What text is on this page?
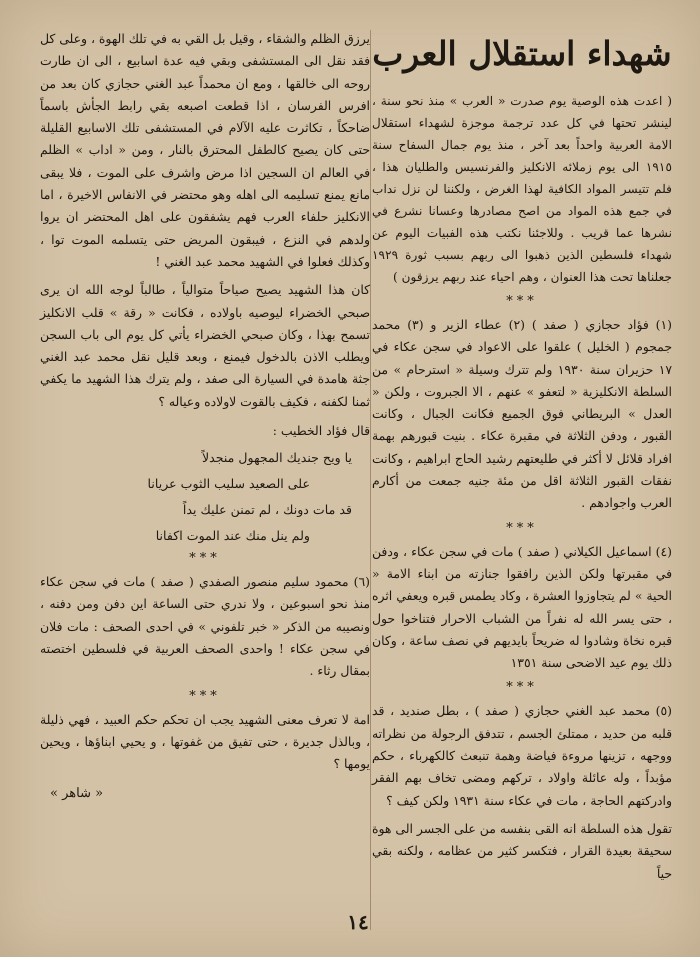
شهداء استقلال العرب

( اعدت هذه الوصية يوم صدرت « العرب » منذ نحو سنة ، لينشر تحتها في كل عدد ترجمة موجزة لشهداء استقلال الامة العربية واحداً بعد آخر ، منذ يوم جمال السفاح سنة ١٩١٥ الى يوم زملائه الانكليز والفرنسيس والطليان هذا ، فلم تتيسر المواد الكافية لهذا الغرض ، ولكننا لن نزل نداب في جمع هذه المواد من اصح مصادرها وعسانا نشرع في نشرها عما قريب . وللاجئنا نكتب هذه الفبيات اليوم عن شهداء فلسطين الذين ذهبوا الى ربهم بسبب ثورة ١٩٢٩ جعلناها تحت هذا العنوان ، وهم احياء عند ربهم يرزقون )

***

(١) فؤاد حجازي ( صفد ) (٢) عطاء الزير و (٣) محمد جمجوم ( الخليل ) علقوا على الاعواد في سجن عكاء في ١٧ حزيران سنة ١٩٣٠ ولم تترك وسيلة « استرحام » من السلطة الانكليزية « لتعفو » عنهم ، الا الجبروت ، ولكن « العدل » البريطاني فوق الجميع فكانت الجبال ، وكانت القبور ، ودفن الثلاثة في مقبرة عكاء . بنيت قبورهم بهمة افراد قلائل لا أكثر في طليعتهم رشيد الحاج ابراهيم ، وكانت نفقات القبور الثلاثة اقل من مئة جنيه جمعت من أكارم العرب واجوادهم .

***

(٤) اسماعيل الكيلاني ( صفد ) مات في سجن عكاء ، ودفن في مقبرتها ولكن الذين رافقوا جنازته من ابناء الامة « الحية » لم يتجاوزوا العشرة ، وكاد يطمس قبره ويعفي اثره ، حتى يسر الله له نفراً من الشباب الاحرار فتناخوا حول قبره نخاة وشادوا له ضريحاً بايديهم في نصف ساعة ، وكان ذلك يوم عيد الاضحى سنة ١٣٥١

***

(٥) محمد عبد الغني حجازي ( صفد ) ، بطل صنديد ، قد قلبه من حديد ، ممتلئ الجسم ، تتدفق الرجولة من نظراته ووجهه ، تزينها مروءة فياضة وهمة تنبعث كالكهرباء ، حكم مؤبداً ، وله عائلة واولاد ، تركهم ومضى تخاف بهم الفقر وادركتهم الحاجة ، مات في عكاء سنة ١٩٣١ ولكن كيف ؟

تقول هذه السلطة انه القى بنفسه من على الجسر الى هوة سحيقة بعيدة القرار ، فتكسر كثير من عظامه ، ولكنه بقي حياً

يرزق الظلم والشقاء ، وقيل بل القي به في تلك الهوة ، وعلى كل فقد نقل الى المستشفى وبقي فيه عدة اسابيع ، الى ان طارت روحه الى خالقها ، ومع ان محمداً عبد الغني حجازي كان بعد من افرس الفرسان ، اذا قطعت اصبعه بقي رابط الجأش باسماً ضاحكاً ، تكاثرت عليه الآلام في المستشفى تلك الاسابيع القليلة حتى كان يصيح كالطفل المحترق بالنار ، ومن « اداب » الظلم في العالم ان السجين اذا مرض واشرف على الموت ، فلا يبقى مانع يمنع تسليمه الى اهله وهو محتضر في الانفاس الاخيرة ، اما الانكليز حلفاء العرب فهم يشفقون على اهل المحتضر ان يروا ولدهم في النزع ، فيبقون المريض حتى يتسلمه الموت توا ، وكذلك فعلوا في الشهيد محمد عبد الغني !

كان هذا الشهيد يصيح صياحاً متوالياً ، طالباً لوجه الله ان يرى صبحي الخضراء ليوصيه باولاده ، فكانت « رقة » قلب الانكليز تسمح بهذا ، وكان صبحي الخضراء يأتي كل يوم الى باب السجن ويطلب الاذن بالدخول فيمنع ، وبعد قليل نقل محمد عبد الغني جثة هامدة في السيارة الى صفد ، ولم يترك هذا الشهيد ما يكفي ثمنا لكفنه ، فكيف بالقوت لاولاده وعياله ؟

قال فؤاد الخطيب :
يا ويح جنديك المجهول منجدلاً
على الصعيد سليب الثوب عريانا
قد مات دونك ، لم تمنن عليك يداً
ولم ينل منك عند الموت اكفانا
***

(٦) محمود سليم منصور الصفدي ( صفد ) مات في سجن عكاء منذ نحو اسبوعين ، ولا ندري حتى الساعة اين دفن ومن دفنه ، ونصيبه من الذكر « خبر تلفوني » في احدى الصحف : مات فلان في سجن عكاء ! واحدى الصحف العربية في فلسطين اختصته بمقال رثاء .

***

امة لا تعرف معنى الشهيد يجب ان تحكم حكم العبيد ، فهي ذليلة ، وبالذل جديرة ، حتى تفيق من غفوتها ، و يحيي ابناؤها ، ويحين يومها ؟

« شاهر »
١٤
